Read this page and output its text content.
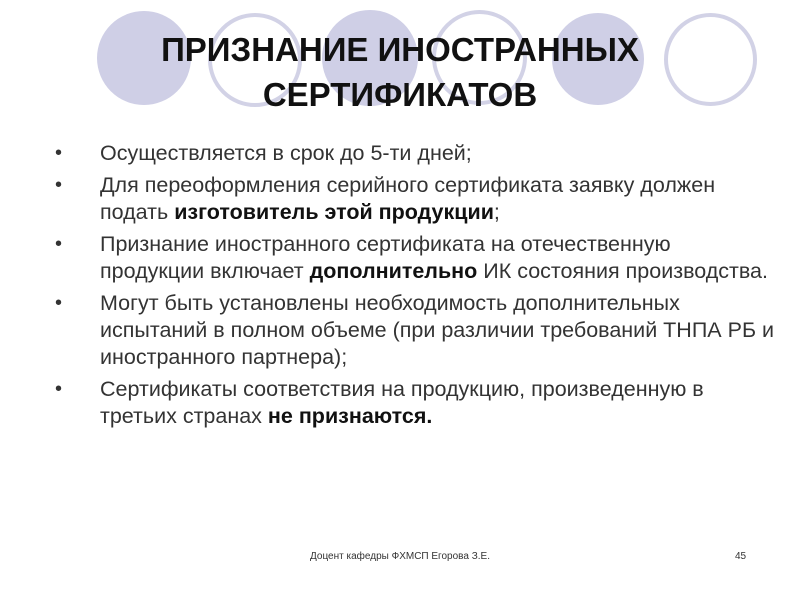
ПРИЗНАНИЕ ИНОСТРАННЫХ
СЕРТИФИКАТОВ
•	Осуществляется в срок до 5-ти дней;
•	Для переоформления серийного сертификата заявку должен подать изготовитель этой продукции;
•	Признание иностранного сертификата на отечественную продукции включает дополнительно ИК состояния производства.
•	Могут быть установлены необходимость дополнительных испытаний в полном объеме (при различии требований ТНПА РБ и иностранного партнера);
•	Сертификаты соответствия на продукцию, произведенную в третьих странах не признаются.
Доцент кафедры ФХМСП Егорова З.Е.	45
